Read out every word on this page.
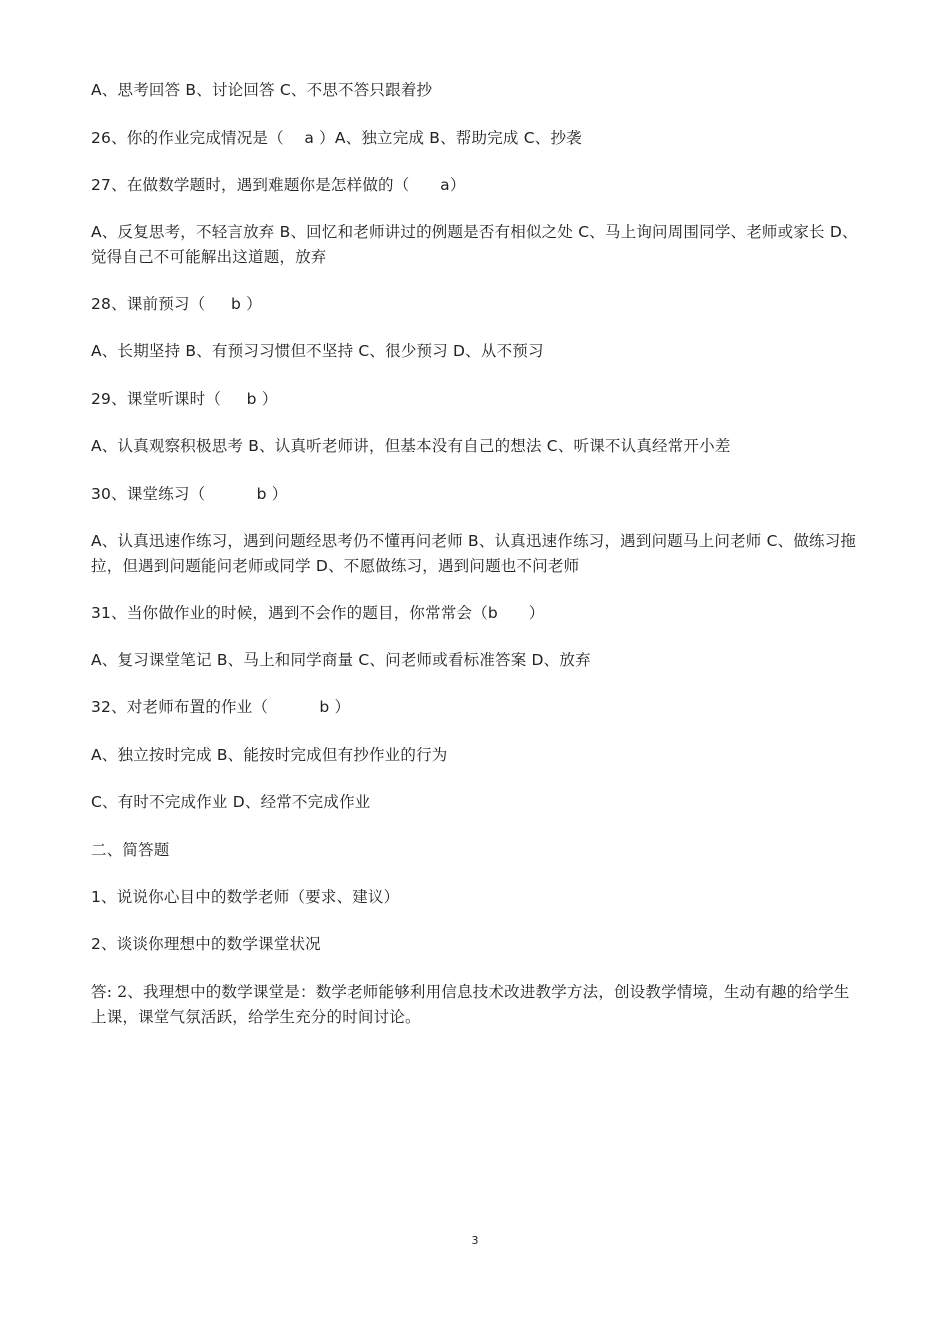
A、思考回答 B、讨论回答 C、不思不答只跟着抄
26、你的作业完成情况是（    a ）A、独立完成 B、帮助完成 C、抄袭
27、在做数学题时，遇到难题你是怎样做的（      a）
A、反复思考，不轻言放弃 B、回忆和老师讲过的例题是否有相似之处 C、马上询问周围同学、老师或家长 D、觉得自己不可能解出这道题，放弃
28、课前预习（     b ）
A、长期坚持 B、有预习习惯但不坚持 C、很少预习 D、从不预习
29、课堂听课时（     b ）
A、认真观察积极思考 B、认真听老师讲，但基本没有自己的想法 C、听课不认真经常开小差
30、课堂练习（          b ）
A、认真迅速作练习，遇到问题经思考仍不懂再问老师 B、认真迅速作练习，遇到问题马上问老师 C、做练习拖拉，但遇到问题能问老师或同学 D、不愿做练习，遇到问题也不问老师
31、当你做作业的时候，遇到不会作的题目，你常常会（b      ）
A、复习课堂笔记 B、马上和同学商量 C、问老师或看标准答案 D、放弃
32、对老师布置的作业（          b ）
A、独立按时完成 B、能按时完成但有抄作业的行为
C、有时不完成作业 D、经常不完成作业
二、简答题
1、说说你心目中的数学老师（要求、建议）
2、谈谈你理想中的数学课堂状况
答: 2、我理想中的数学课堂是：数学老师能够利用信息技术改进教学方法，创设教学情境，生动有趣的给学生上课，课堂气氛活跃，给学生充分的时间讨论。
3
